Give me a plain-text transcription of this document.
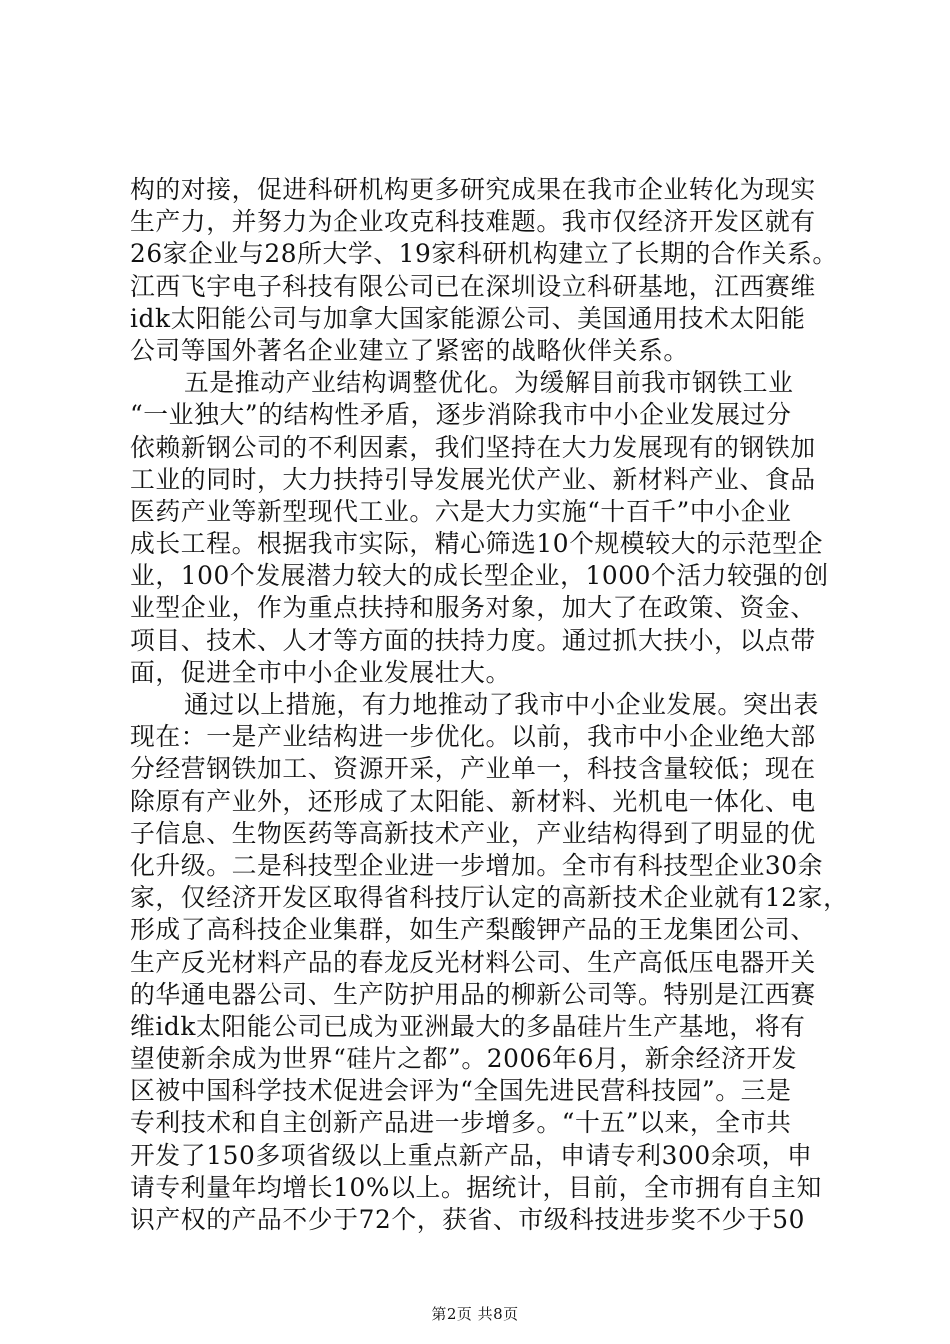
构的对接，促进科研机构更多研究成果在我市企业转化为现实
生产力，并努力为企业攻克科技难题。我市仅经济开发区就有
26家企业与28所大学、19家科研机构建立了长期的合作关系。
江西飞宇电子科技有限公司已在深圳设立科研基地，江西赛维
idk太阳能公司与加拿大国家能源公司、美国通用技术太阳能
公司等国外著名企业建立了紧密的战略伙伴关系。
五是推动产业结构调整优化。为缓解目前我市钢铁工业
“一业独大”的结构性矛盾，逐步消除我市中小企业发展过分
依赖新钢公司的不利因素，我们坚持在大力发展现有的钢铁加
工业的同时，大力扶持引导发展光伏产业、新材料产业、食品
医药产业等新型现代工业。六是大力实施“十百千”中小企业
成长工程。根据我市实际，精心筛选10个规模较大的示范型企
业，100个发展潜力较大的成长型企业，1000个活力较强的创
业型企业，作为重点扶持和服务对象，加大了在政策、资金、
项目、技术、人才等方面的扶持力度。通过抓大扶小，以点带
面，促进全市中小企业发展壮大。
通过以上措施，有力地推动了我市中小企业发展。突出表
现在：一是产业结构进一步优化。以前，我市中小企业绝大部
分经营钢铁加工、资源开采，产业单一，科技含量较低；现在
除原有产业外，还形成了太阳能、新材料、光机电一体化、电
子信息、生物医药等高新技术产业，产业结构得到了明显的优
化升级。二是科技型企业进一步增加。全市有科技型企业30余
家，仅经济开发区取得省科技厅认定的高新技术企业就有12家，
形成了高科技企业集群，如生产梨酸钾产品的王龙集团公司、
生产反光材料产品的春龙反光材料公司、生产高低压电器开关
的华通电器公司、生产防护用品的柳新公司等。特别是江西赛
维idk太阳能公司已成为亚洲最大的多晶硅片生产基地，将有
望使新余成为世界“硅片之都”。2006年6月，新余经济开发
区被中国科学技术促进会评为“全国先进民营科技园”。三是
专利技术和自主创新产品进一步增多。“十五”以来，全市共
开发了150多项省级以上重点新产品，申请专利300余项，申
请专利量年均增长10%以上。据统计，目前，全市拥有自主知
识产权的产品不少于72个，获省、市级科技进步奖不少于50
第2页 共8页
